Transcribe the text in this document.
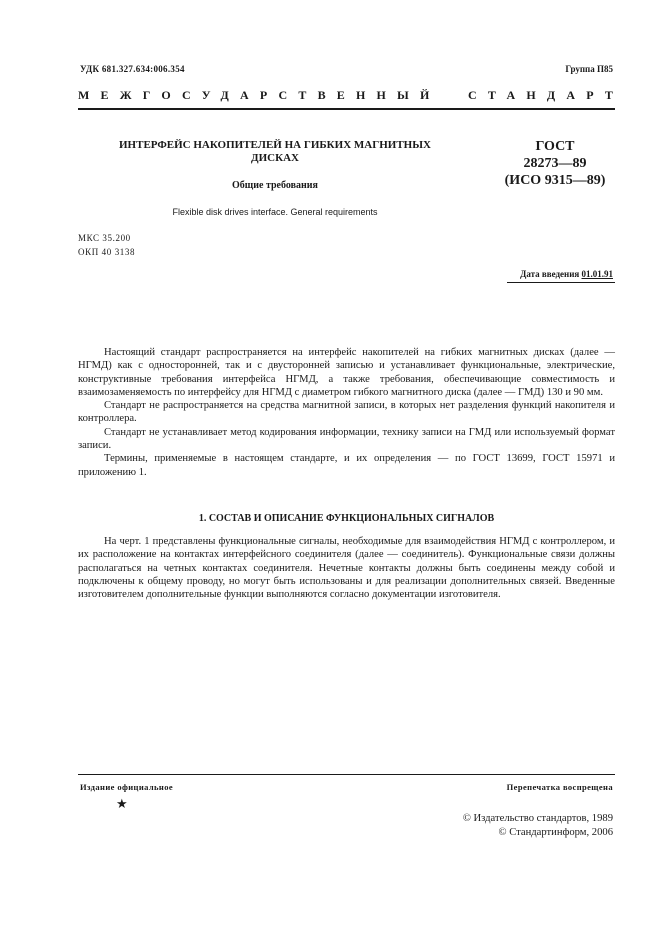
УДК 681.327.634:006.354	Группа П85
МЕЖГОСУДАРСТВЕННЫЙ СТАНДАРТ
ИНТЕРФЕЙС НАКОПИТЕЛЕЙ НА ГИБКИХ МАГНИТНЫХ
ДИСКАХ
Общие требования
Flexible disk drives interface. General requirements
ГОСТ
28273—89
(ИСО 9315—89)
МКС 35.200
ОКП 40 3138
Дата введения 01.01.91

Настоящий стандарт распространяется на интерфейс накопителей на гибких магнитных дисках (далее — НГМД) как с односторонней, так и с двусторонней записью и устанавливает функциональные, электрические, конструктивные требования интерфейса НГМД, а также требования, обеспечивающие совместимость и взаимозаменяемость по интерфейсу для НГМД с диаметром гибкого магнитного диска (далее — ГМД) 130 и 90 мм.

Стандарт не распространяется на средства магнитной записи, в которых нет разделения функций накопителя и контроллера.

Стандарт не устанавливает метод кодирования информации, технику записи на ГМД или используемый формат записи.

Термины, применяемые в настоящем стандарте, и их определения — по ГОСТ 13699, ГОСТ 15971 и приложению 1.

1. СОСТАВ И ОПИСАНИЕ ФУНКЦИОНАЛЬНЫХ СИГНАЛОВ

На черт. 1 представлены функциональные сигналы, необходимые для взаимодействия НГМД с контроллером, и их расположение на контактах интерфейсного соединителя (далее — соединитель). Функциональные связи должны располагаться на четных контактах соединителя. Нечетные контакты должны быть соединены между собой и подключены к общему проводу, но могут быть использованы и для реализации дополнительных связей. Введенные изготовителем дополнительные функции выполняются согласно документации изготовителя.

Издание официальное	Перепечатка воспрещена
★
© Издательство стандартов, 1989
© Стандартинформ, 2006
